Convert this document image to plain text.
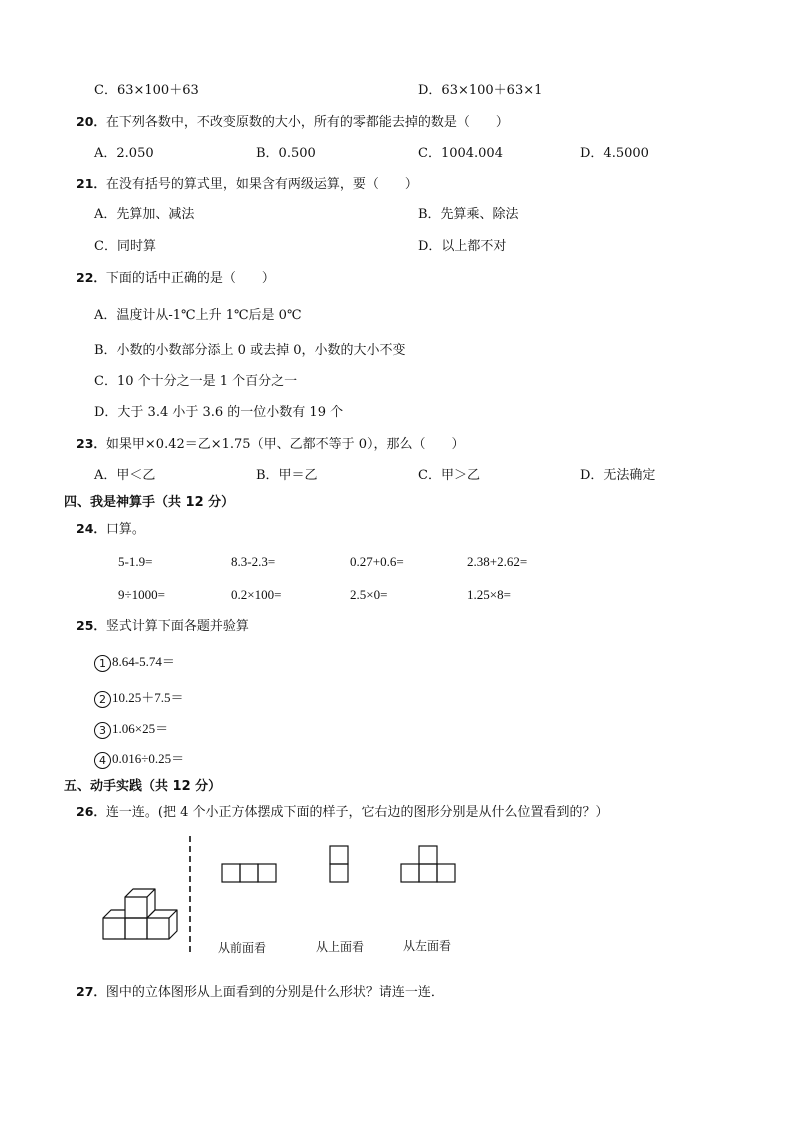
C．63×100＋63	D．63×100＋63×1
20．在下列各数中，不改变原数的大小，所有的零都能去掉的数是（　　）
A．2.050	B．0.500	C．1004.004	D．4.5000
21．在没有括号的算式里，如果含有两级运算，要（　　）
A．先算加、减法	B．先算乘、除法
C．同时算	D．以上都不对
22．下面的话中正确的是（　　）
A．温度计从-1℃上升 1℃后是 0℃
B．小数的小数部分添上 0 或去掉 0，小数的大小不变
C．10 个十分之一是 1 个百分之一
D．大于 3.4 小于 3.6 的一位小数有 19 个
23．如果甲×0.42＝乙×1.75（甲、乙都不等于 0），那么（　　）
A．甲＜乙	B．甲＝乙	C．甲＞乙	D．无法确定
四、我是神算手（共 12 分）
24．口算。
5-1.9=	8.3-2.3=	0.27+0.6=	2.38+2.62=
9÷1000=	0.2×100=	2.5×0=	1.25×8=
25．竖式计算下面各题并验算
1 8.64-5.74＝
2 10.25＋7.5＝
3 1.06×25＝
4 0.016÷0.25＝
五、动手实践（共 12 分）
26．连一连。(把 4 个小正方体摆成下面的样子，它右边的图形分别是从什么位置看到的？）
从前面看	从上面看	从左面看
27．图中的立体图形从上面看到的分别是什么形状？请连一连．
